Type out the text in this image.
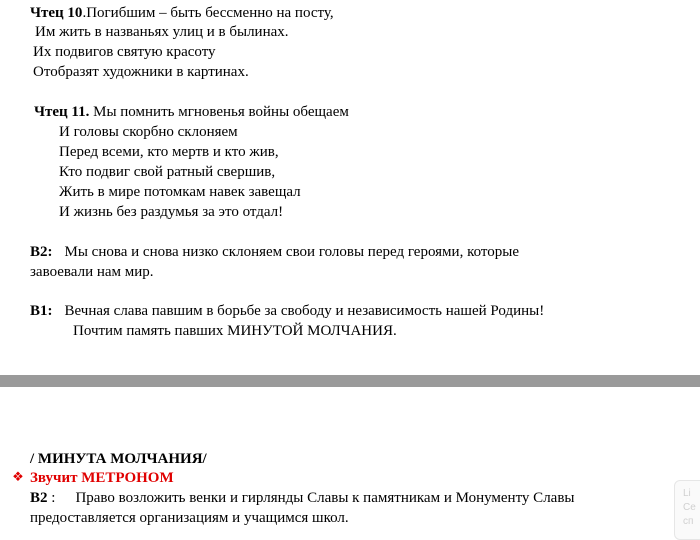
Чтец 10.Погибшим – быть бессменно на посту,
Им жить в названьях улиц и в былинах.
Их подвигов святую красоту
Отобразят художники в картинах.
Чтец 11. Мы помнить мгновенья войны обещаем
И головы скорбно склоняем
Перед всеми, кто мертв и кто жив,
Кто подвиг свой ратный свершив,
Жить в мире потомкам навек завещал
И жизнь без раздумья за это отдал!
В2: Мы снова и снова низко склоняем свои головы перед героями, которые
завоевали нам мир.
В1: Вечная слава павшим в борьбе за свободу и независимость нашей Родины!
Почтим память павших МИНУТОЙ МОЛЧАНИЯ.
/ МИНУТА МОЛЧАНИЯ/
❖ Звучит МЕТРОНОМ
В2 : Право возложить венки и гирлянды Славы к памятникам и Монументу Славы
предоставляется организациям и учащимся школ.
Li
Се
сп
